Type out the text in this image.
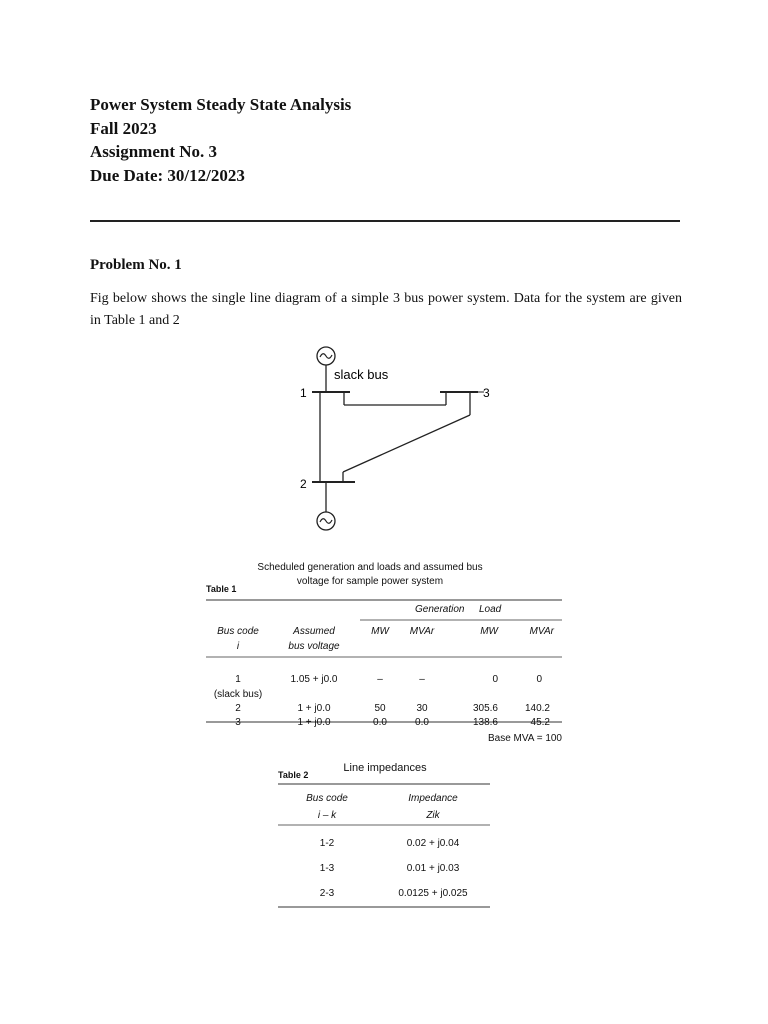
Power System Steady State Analysis
Fall 2023
Assignment No. 3
Due Date: 30/12/2023
Problem No. 1
Fig below shows the single line diagram of a simple 3 bus power system. Data for the system are given in Table 1 and 2
slack bus
1	3
2
Scheduled generation and loads and assumed bus voltage for sample power system
Table 1
Generation Load
Bus code	Assumed	MW	MVAr	MW	MVAr
i	bus voltage				

1	1.05 + j0.0	–	–	0	0
(slack bus)					
2	1 + j0.0	50	30	305.6	140.2
3	1 + j0.0	0.0	0.0	138.6	45.2
Base MVA = 100
Table 2
Line impedances
Bus code	Impedance
i – k	Zik

1-2	0.02 + j0.04
1-3	0.01 + j0.03
2-3	0.0125 + j0.025
